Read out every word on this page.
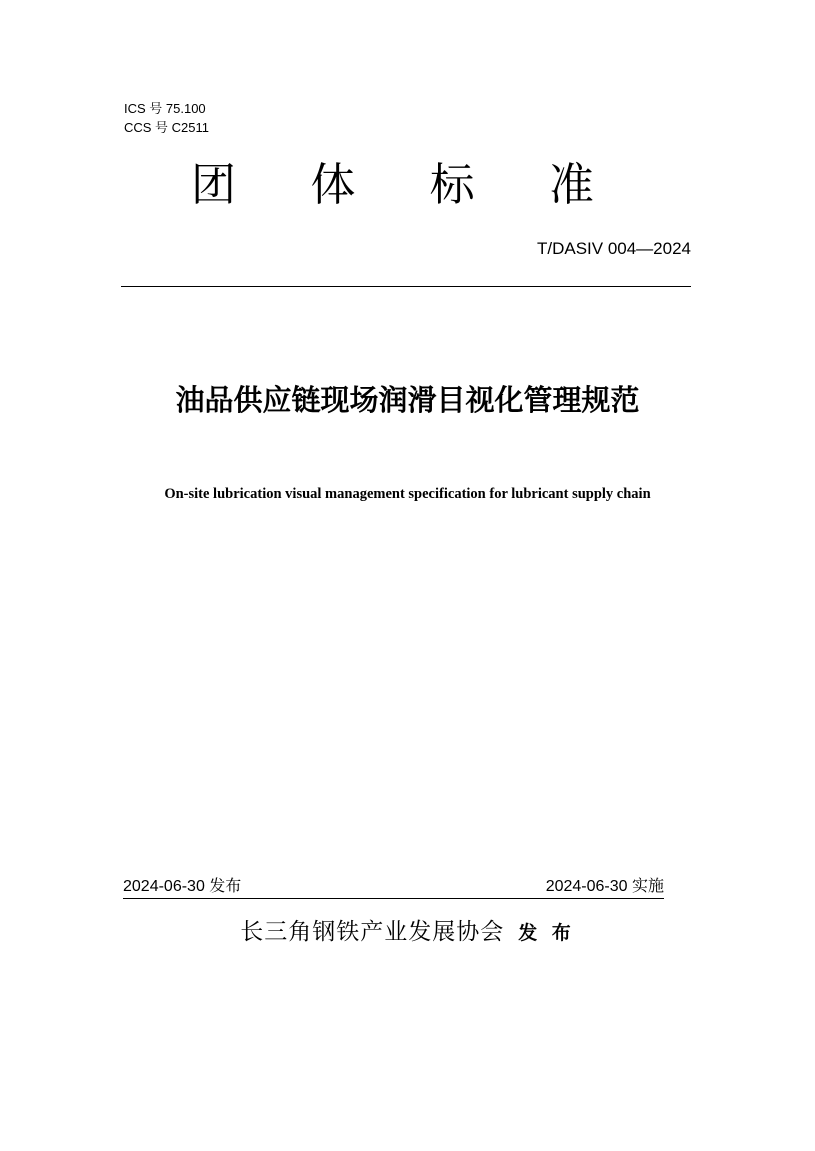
ICS 号 75.100
CCS 号 C2511
团 体 标 准
T/DASIV 004—2024
油品供应链现场润滑目视化管理规范
On-site lubrication visual management specification for lubricant supply chain
2024-06-30 发布	2024-06-30 实施
长三角钢铁产业发展协会 发 布
